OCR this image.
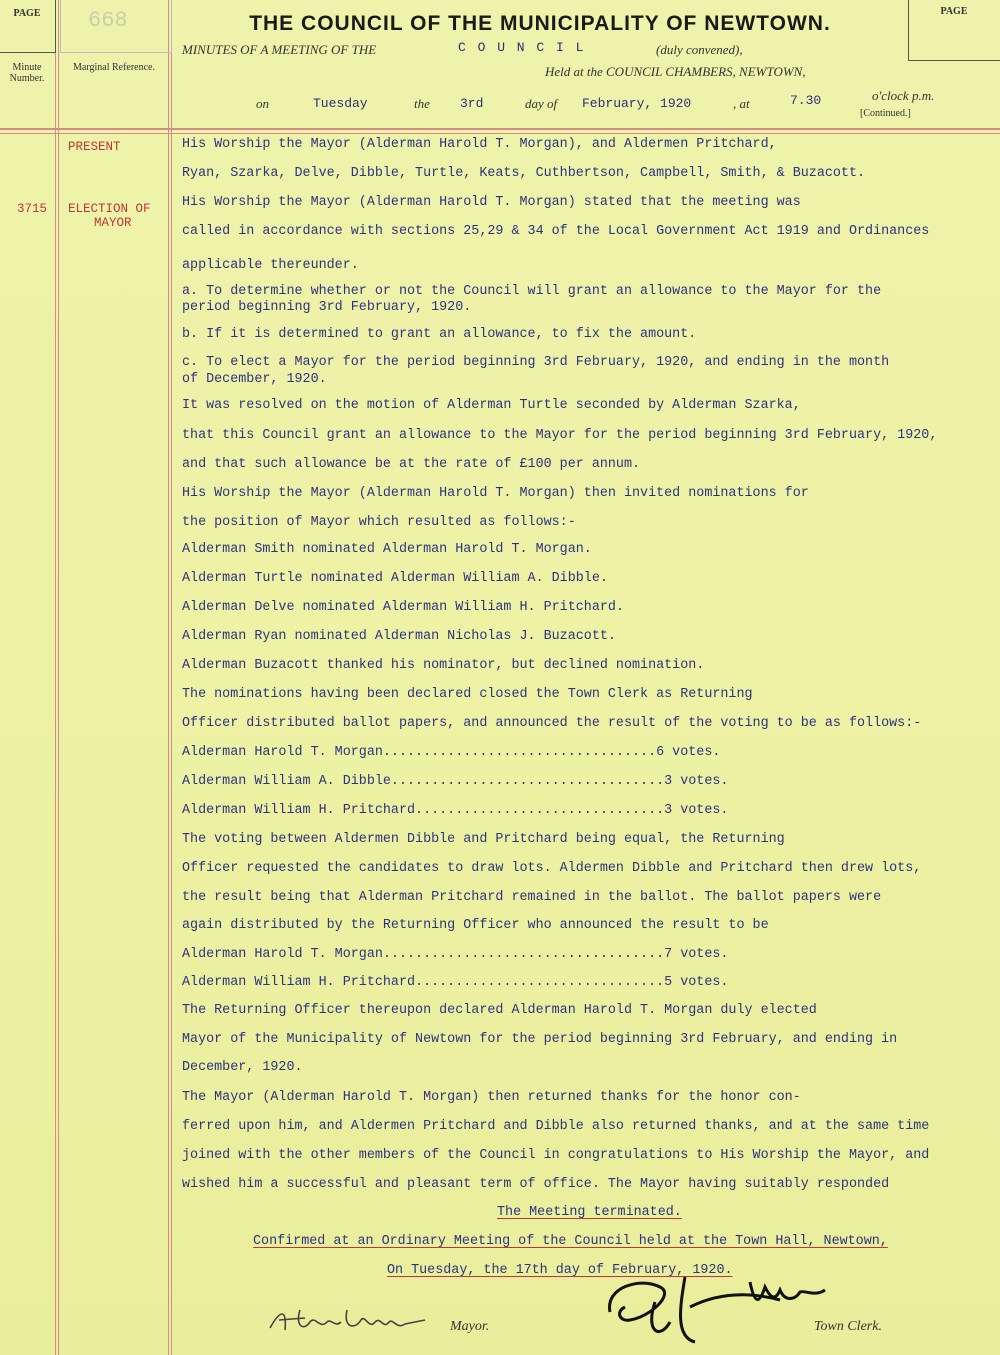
PAGE	668	PAGE
Minute Number.
Marginal Reference.
THE COUNCIL OF THE MUNICIPALITY OF NEWTOWN.
MINUTES OF A MEETING OF THE	C O U N C I L	(duly convened),
Held at the COUNCIL CHAMBERS, NEWTOWN,
on	Tuesday	the 3rd	day of February, 1920	, at	7.30	o'clock p.m.
[Continued.]
PRESENT
3715 ELECTION OF
MAYOR
His Worship the Mayor (Alderman Harold T. Morgan), and Aldermen Pritchard,
Ryan, Szarka, Delve, Dibble, Turtle, Keats, Cuthbertson, Campbell, Smith, & Buzacott.
His Worship the Mayor (Alderman Harold T. Morgan) stated that the meeting was
called in accordance with sections 25,29 & 34 of the Local Government Act 1919 and Ordinances
applicable thereunder.
a. To determine whether or not the Council will grant an allowance to the Mayor for the
period beginning 3rd February, 1920.
b. If it is determined to grant an allowance, to fix the amount.
c. To elect a Mayor for the period beginning 3rd February, 1920, and ending in the month
of December, 1920.
It was resolved on the motion of Alderman Turtle seconded by Alderman Szarka,
that this Council grant an allowance to the Mayor for the period beginning 3rd February, 1920,
and that such allowance be at the rate of £100 per annum.
His Worship the Mayor (Alderman Harold T. Morgan) then invited nominations for
the position of Mayor which resulted as follows:-
Alderman Smith nominated Alderman Harold T. Morgan.
Alderman Turtle nominated Alderman William A. Dibble.
Alderman Delve nominated Alderman William H. Pritchard.
Alderman Ryan nominated Alderman Nicholas J. Buzacott.
Alderman Buzacott thanked his nominator, but declined nomination.
The nominations having been declared closed the Town Clerk as Returning
Officer distributed ballot papers, and announced the result of the voting to be as follows:-
Alderman Harold T. Morgan..................................6 votes.
Alderman William A. Dibble..................................3 votes.
Alderman William H. Pritchard...............................3 votes.
The voting between Aldermen Dibble and Pritchard being equal, the Returning
Officer requested the candidates to draw lots. Aldermen Dibble and Pritchard then drew lots,
the result being that Alderman Pritchard remained in the ballot. The ballot papers were
again distributed by the Returning Officer who announced the result to be
Alderman Harold T. Morgan...................................7 votes.
Alderman William H. Pritchard...............................5 votes.
The Returning Officer thereupon declared Alderman Harold T. Morgan duly elected
Mayor of the Municipality of Newtown for the period beginning 3rd February, and ending in
December, 1920.
The Mayor (Alderman Harold T. Morgan) then returned thanks for the honor con-
ferred upon him, and Aldermen Pritchard and Dibble also returned thanks, and at the same time
joined with the other members of the Council in congratulations to His Worship the Mayor, and
wished him a successful and pleasant term of office. The Mayor having suitably responded
The Meeting terminated.
Confirmed at an Ordinary Meeting of the Council held at the Town Hall, Newtown,
On Tuesday, the 17th day of February, 1920.
Harold T Morgan
Mayor.
W. G. Salmon
Town Clerk.
